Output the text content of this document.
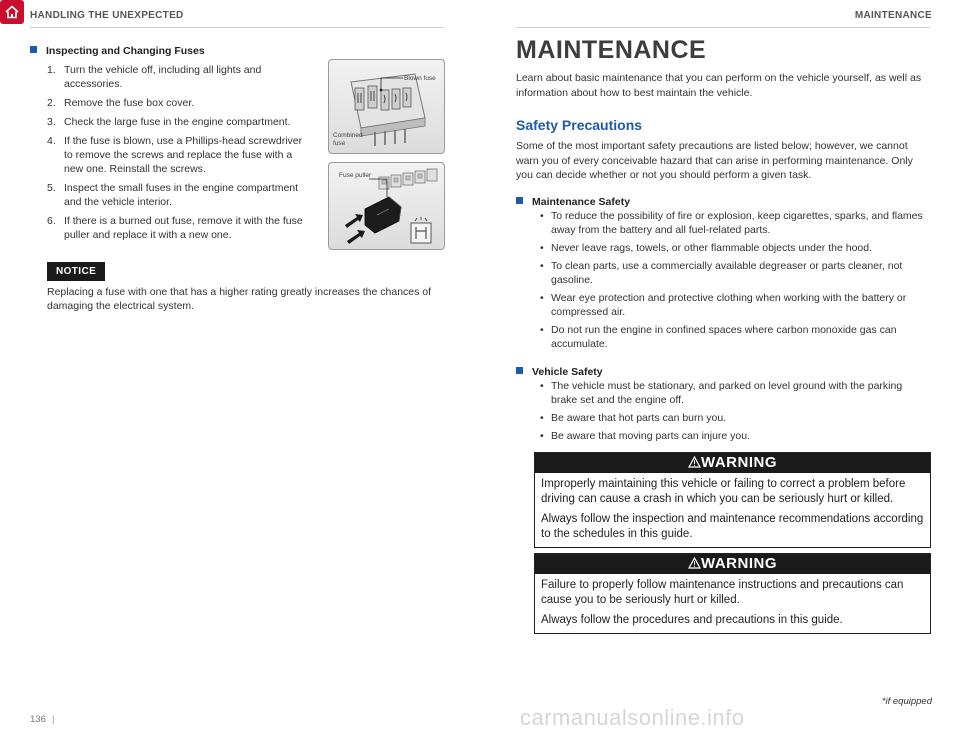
HANDLING THE UNEXPECTED	MAINTENANCE
Inspecting and Changing Fuses
1. Turn the vehicle off, including all lights and accessories.
2. Remove the fuse box cover.
3. Check the large fuse in the engine compartment.
4. If the fuse is blown, use a Phillips-head screwdriver to remove the screws and replace the fuse with a new one. Reinstall the screws.
5. Inspect the small fuses in the engine compartment and the vehicle interior.
6. If there is a burned out fuse, remove it with the fuse puller and replace it with a new one.
Blown fuse
Combined fuse
Fuse puller
NOTICE
Replacing a fuse with one that has a higher rating greatly increases the chances of damaging the electrical system.
MAINTENANCE
Learn about basic maintenance that you can perform on the vehicle yourself, as well as information about how to best maintain the vehicle.
Safety Precautions
Some of the most important safety precautions are listed below; however, we cannot warn you of every conceivable hazard that can arise in performing maintenance. Only you can decide whether or not you should perform a given task.
Maintenance Safety
• To reduce the possibility of fire or explosion, keep cigarettes, sparks, and flames away from the battery and all fuel-related parts.
• Never leave rags, towels, or other flammable objects under the hood.
• To clean parts, use a commercially available degreaser or parts cleaner, not gasoline.
• Wear eye protection and protective clothing when working with the battery or compressed air.
• Do not run the engine in confined spaces where carbon monoxide gas can accumulate.
Vehicle Safety
• The vehicle must be stationary, and parked on level ground with the parking brake set and the engine off.
• Be aware that hot parts can burn you.
• Be aware that moving parts can injure you.
WARNING

Improperly maintaining this vehicle or failing to correct a problem before driving can cause a crash in which you can be seriously hurt or killed.

Always follow the inspection and maintenance recommendations according to the schedules in this guide.

WARNING

Failure to properly follow maintenance instructions and precautions can cause you to be seriously hurt or killed.

Always follow the procedures and precautions in this guide.

*if equipped
136 |	carmanualsonline.info
